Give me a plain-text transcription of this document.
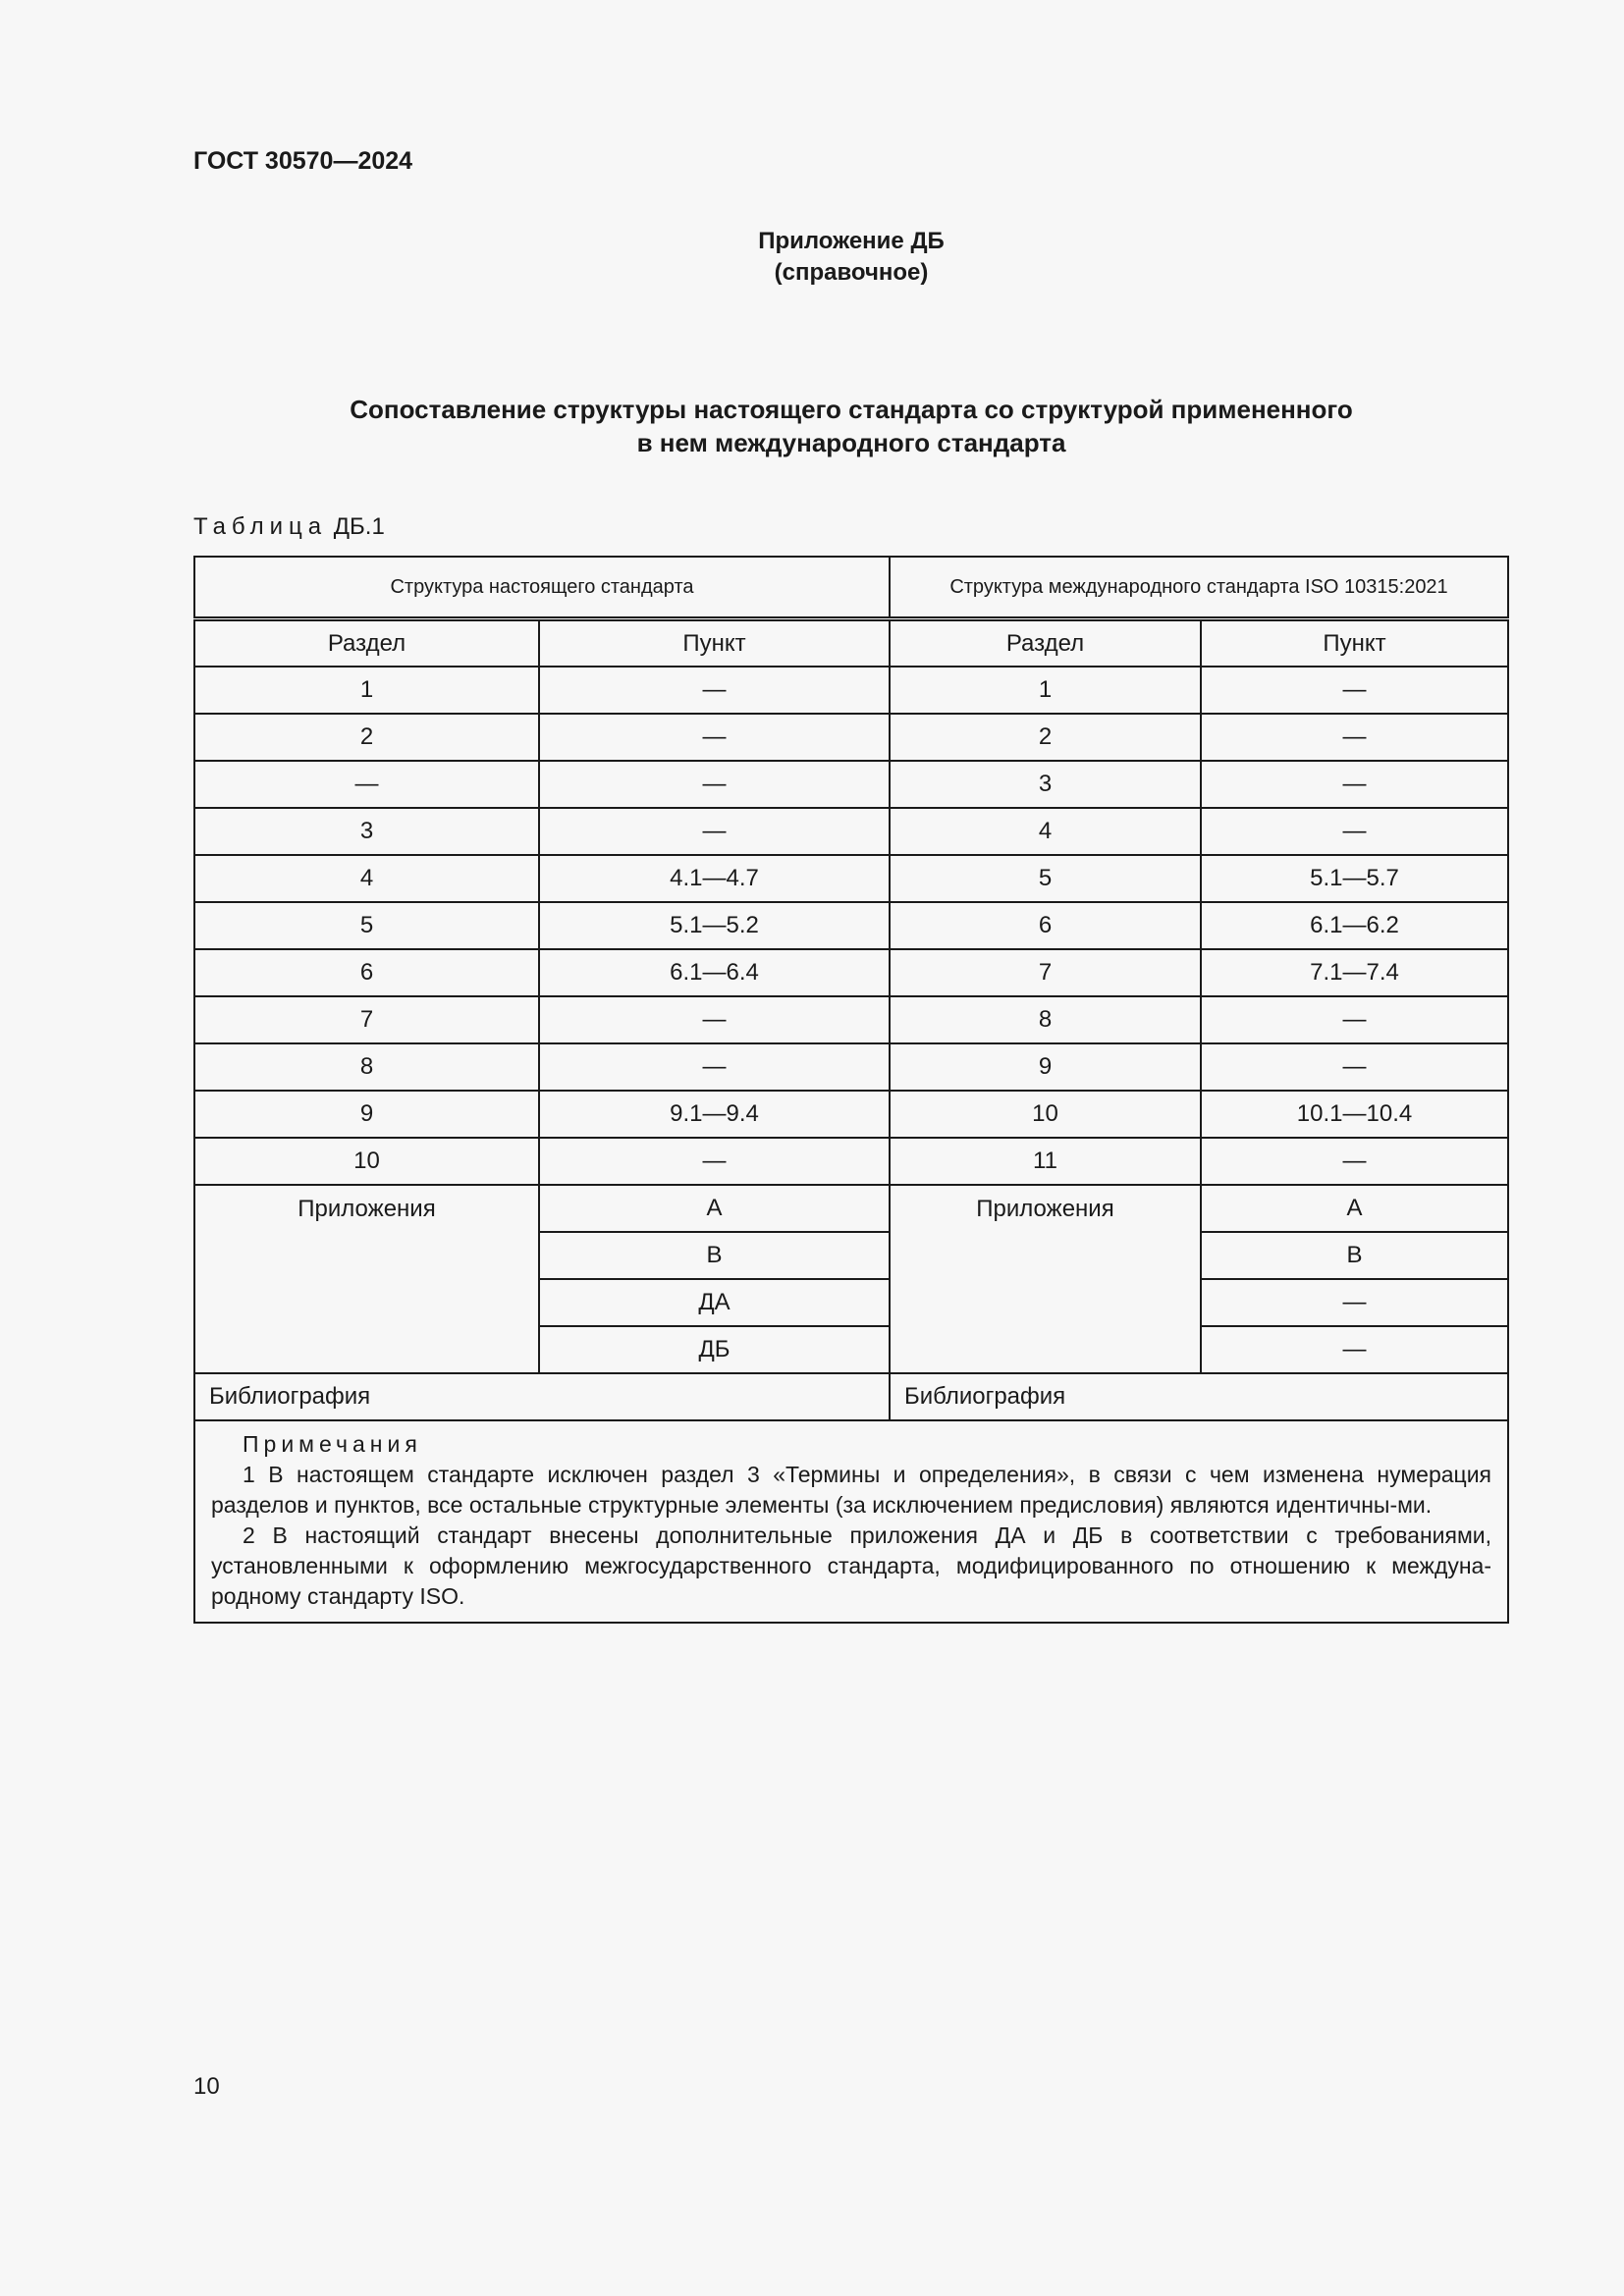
ГОСТ 30570—2024
Приложение ДБ
(справочное)
Сопоставление структуры настоящего стандарта со структурой примененного
в нем международного стандарта
Таблица ДБ.1
Структура настоящего стандарта		Структура международного стандарта ISO 10315:2021	
Раздел	Пункт	Раздел	Пункт
1	—	1	—
2	—	2	—
—	—	3	—
3	—	4	—
4	4.1—4.7	5	5.1—5.7
5	5.1—5.2	6	6.1—6.2
6	6.1—6.4	7	7.1—7.4
7	—	8	—
8	—	9	—
9	9.1—9.4	10	10.1—10.4
10	—	11	—
Приложения	А	Приложения	А
	В		В
	ДА		—
	ДБ		—
Библиография		Библиография	

Примечания

1 В настоящем стандарте исключен раздел 3 «Термины и определения», в связи с чем изменена нумерация разделов и пунктов, все остальные структурные элементы (за исключением предисловия) являются идентичны-ми.

2 В настоящий стандарт внесены дополнительные приложения ДА и ДБ в соответствии с требованиями, установленными к оформлению межгосударственного стандарта, модифицированного по отношению к междуна-родному стандарту ISO.			

10
